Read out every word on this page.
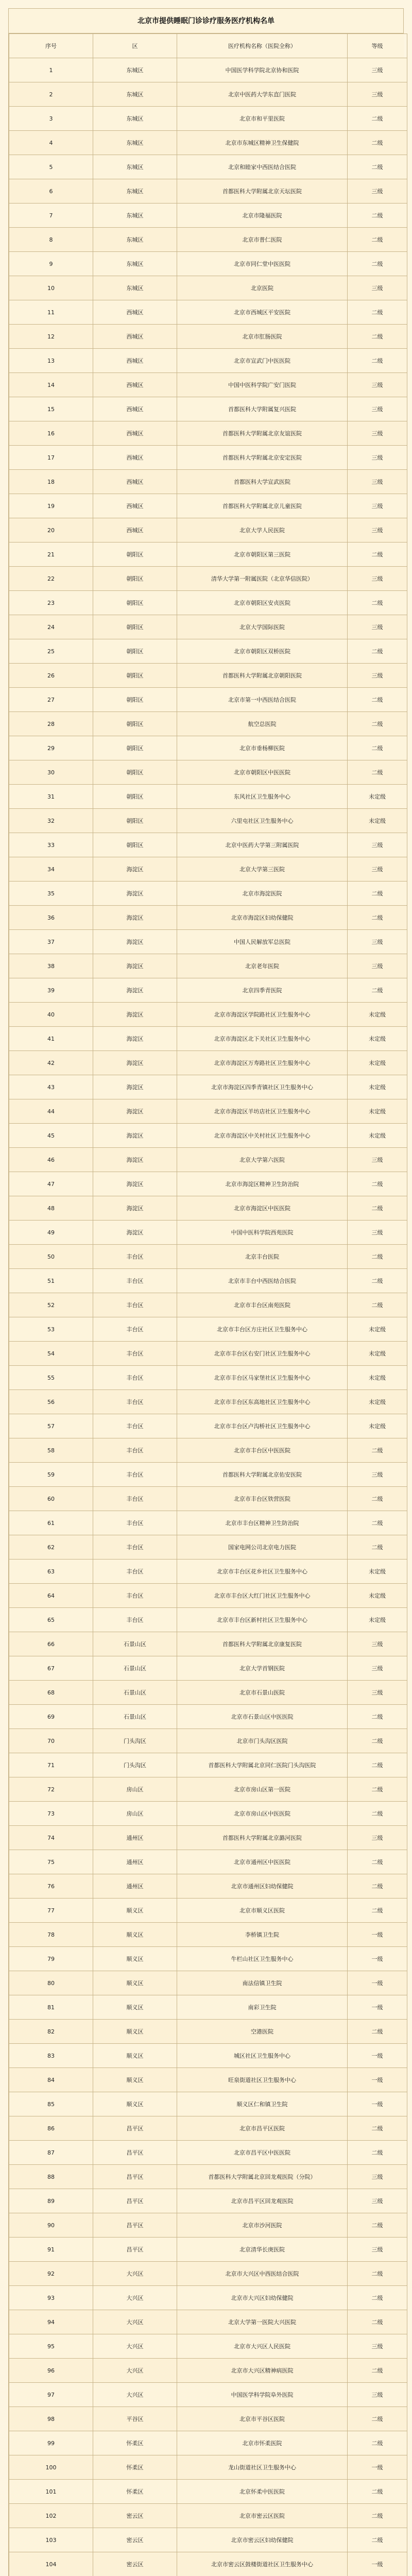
北京市提供睡眠门诊诊疗服务医疗机构名单
序号	区	医疗机构名称（医院全称）	等级
1	东城区	中国医学科学院北京协和医院	三级
2	东城区	北京中医药大学东直门医院	三级
3	东城区	北京市和平里医院	二级
4	东城区	北京市东城区精神卫生保健院	二级
5	东城区	北京和睦家中西医结合医院	二级
6	东城区	首都医科大学附属北京天坛医院	三级
7	东城区	北京市隆福医院	二级
8	东城区	北京市普仁医院	二级
9	东城区	北京市同仁堂中医医院	二级
10	东城区	北京医院	三级
11	西城区	北京市西城区平安医院	二级
12	西城区	北京市肛肠医院	二级
13	西城区	北京市宣武门中医医院	二级
14	西城区	中国中医科学院广安门医院	三级
15	西城区	首都医科大学附属复兴医院	三级
16	西城区	首都医科大学附属北京友谊医院	三级
17	西城区	首都医科大学附属北京安定医院	三级
18	西城区	首都医科大学宣武医院	三级
19	西城区	首都医科大学附属北京儿童医院	三级
20	西城区	北京大学人民医院	三级
21	朝阳区	北京市朝阳区第三医院	二级
22	朝阳区	清华大学第一附属医院（北京华信医院）	三级
23	朝阳区	北京市朝阳区安贞医院	二级
24	朝阳区	北京大学国际医院	三级
25	朝阳区	北京市朝阳区双桥医院	二级
26	朝阳区	首都医科大学附属北京朝阳医院	三级
27	朝阳区	北京市第一中西医结合医院	二级
28	朝阳区	航空总医院	二级
29	朝阳区	北京市垂杨柳医院	二级
30	朝阳区	北京市朝阳区中医医院	二级
31	朝阳区	东风社区卫生服务中心	未定级
32	朝阳区	六里屯社区卫生服务中心	未定级
33	朝阳区	北京中医药大学第三附属医院	三级
34	海淀区	北京大学第三医院	三级
35	海淀区	北京市海淀医院	二级
36	海淀区	北京市海淀区妇幼保健院	二级
37	海淀区	中国人民解放军总医院	三级
38	海淀区	北京老年医院	三级
39	海淀区	北京四季青医院	二级
40	海淀区	北京市海淀区学院路社区卫生服务中心	未定级
41	海淀区	北京市海淀区北下关社区卫生服务中心	未定级
42	海淀区	北京市海淀区万寿路社区卫生服务中心	未定级
43	海淀区	北京市海淀区四季青镇社区卫生服务中心	未定级
44	海淀区	北京市海淀区羊坊店社区卫生服务中心	未定级
45	海淀区	北京市海淀区中关村社区卫生服务中心	未定级
46	海淀区	北京大学第六医院	三级
47	海淀区	北京市海淀区精神卫生防治院	二级
48	海淀区	北京市海淀区中医医院	二级
49	海淀区	中国中医科学院西苑医院	三级
50	丰台区	北京丰台医院	二级
51	丰台区	北京市丰台中西医结合医院	二级
52	丰台区	北京市丰台区南苑医院	二级
53	丰台区	北京市丰台区方庄社区卫生服务中心	未定级
54	丰台区	北京市丰台区右安门社区卫生服务中心	未定级
55	丰台区	北京市丰台区马家堡社区卫生服务中心	未定级
56	丰台区	北京市丰台区东高地社区卫生服务中心	未定级
57	丰台区	北京市丰台区卢沟桥社区卫生服务中心	未定级
58	丰台区	北京市丰台区中医医院	二级
59	丰台区	首都医科大学附属北京佑安医院	三级
60	丰台区	北京市丰台区铁营医院	二级
61	丰台区	北京市丰台区精神卫生防治院	二级
62	丰台区	国家电网公司北京电力医院	二级
63	丰台区	北京市丰台区花乡社区卫生服务中心	未定级
64	丰台区	北京市丰台区大红门社区卫生服务中心	未定级
65	丰台区	北京市丰台区新村社区卫生服务中心	未定级
66	石景山区	首都医科大学附属北京康复医院	三级
67	石景山区	北京大学首钢医院	三级
68	石景山区	北京市石景山医院	三级
69	石景山区	北京市石景山区中医医院	二级
70	门头沟区	北京市门头沟区医院	二级
71	门头沟区	首都医科大学附属北京同仁医院门头沟医院	二级
72	房山区	北京市房山区第一医院	二级
73	房山区	北京市房山区中医医院	二级
74	通州区	首都医科大学附属北京潞河医院	三级
75	通州区	北京市通州区中医医院	二级
76	通州区	北京市通州区妇幼保健院	二级
77	顺义区	北京市顺义区医院	二级
78	顺义区	李桥镇卫生院	一级
79	顺义区	牛栏山社区卫生服务中心	一级
80	顺义区	南法信镇卫生院	一级
81	顺义区	南彩卫生院	一级
82	顺义区	空港医院	二级
83	顺义区	城区社区卫生服务中心	一级
84	顺义区	旺泉街道社区卫生服务中心	一级
85	顺义区	顺义区仁和镇卫生院	一级
86	昌平区	北京市昌平区医院	二级
87	昌平区	北京市昌平区中医医院	二级
88	昌平区	首都医科大学附属北京回龙观医院（分院）	三级
89	昌平区	北京市昌平区回龙观医院	三级
90	昌平区	北京市沙河医院	二级
91	昌平区	北京清华长庚医院	三级
92	大兴区	北京市大兴区中西医结合医院	二级
93	大兴区	北京市大兴区妇幼保健院	二级
94	大兴区	北京大学第一医院大兴医院	二级
95	大兴区	北京市大兴区人民医院	三级
96	大兴区	北京市大兴区精神病医院	二级
97	大兴区	中国医学科学院阜外医院	三级
98	平谷区	北京市平谷区医院	二级
99	怀柔区	北京市怀柔医院	二级
100	怀柔区	龙山街道社区卫生服务中心	一级
101	怀柔区	北京怀柔中医医院	二级
102	密云区	北京市密云区医院	二级
103	密云区	北京市密云区妇幼保健院	二级
104	密云区	北京市密云区鼓楼街道社区卫生服务中心	一级
